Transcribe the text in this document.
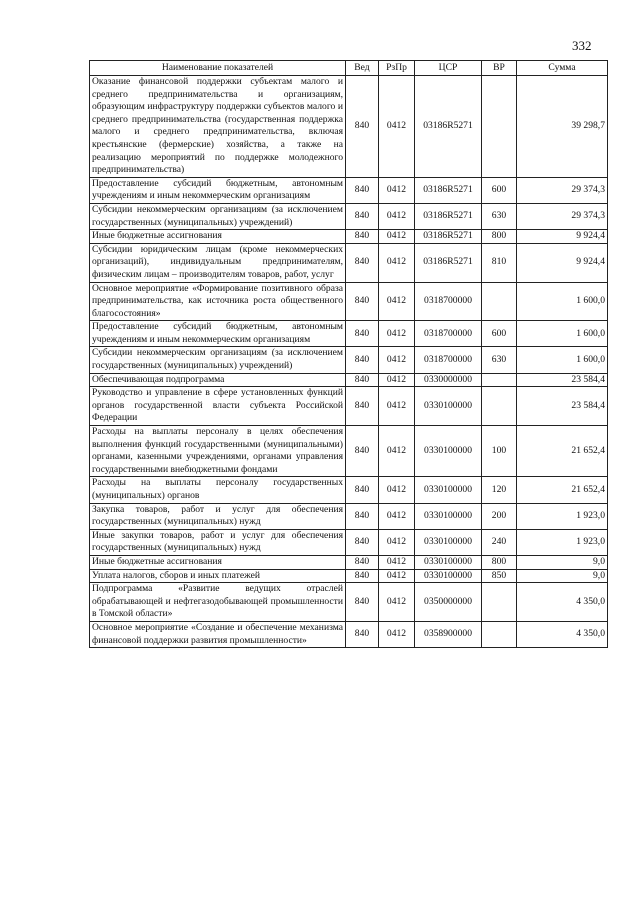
332
Наименование показателей	Вед	РзПр	ЦСР	ВР	Сумма
Оказание финансовой поддержки субъектам малого и среднего предпринимательства и организациям, образующим инфраструктуру поддержки субъектов малого и среднего предпринимательства (государственная поддержка малого и среднего предпринимательства, включая крестьянские (фермерские) хозяйства, а также на реализацию мероприятий по поддержке молодежного предпринимательства)	840	0412	03186R5271		39 298,7
Предоставление субсидий бюджетным, автономным учреждениям и иным некоммерческим организациям	840	0412	03186R5271	600	29 374,3
Субсидии некоммерческим организациям (за исключением государственных (муниципальных) учреждений)	840	0412	03186R5271	630	29 374,3
Иные бюджетные ассигнования	840	0412	03186R5271	800	9 924,4
Субсидии юридическим лицам (кроме некоммерческих организаций), индивидуальным предпринимателям, физическим лицам – производителям товаров, работ, услуг	840	0412	03186R5271	810	9 924,4
Основное мероприятие «Формирование позитивного образа предпринимательства, как источника роста общественного благосостояния»	840	0412	0318700000		1 600,0
Предоставление субсидий бюджетным, автономным учреждениям и иным некоммерческим организациям	840	0412	0318700000	600	1 600,0
Субсидии некоммерческим организациям (за исключением государственных (муниципальных) учреждений)	840	0412	0318700000	630	1 600,0
Обеспечивающая подпрограмма	840	0412	0330000000		23 584,4
Руководство и управление в сфере установленных функций органов государственной власти субъекта Российской Федерации	840	0412	0330100000		23 584,4
Расходы на выплаты персоналу в целях обеспечения выполнения функций государственными (муниципальными) органами, казенными учреждениями, органами управления государственными внебюджетными фондами	840	0412	0330100000	100	21 652,4
Расходы на выплаты персоналу государственных (муниципальных) органов	840	0412	0330100000	120	21 652,4
Закупка товаров, работ и услуг для обеспечения государственных (муниципальных) нужд	840	0412	0330100000	200	1 923,0
Иные закупки товаров, работ и услуг для обеспечения государственных (муниципальных) нужд	840	0412	0330100000	240	1 923,0
Иные бюджетные ассигнования	840	0412	0330100000	800	9,0
Уплата налогов, сборов и иных платежей	840	0412	0330100000	850	9,0
Подпрограмма «Развитие ведущих отраслей обрабатывающей и нефтегазодобывающей промышленности в Томской области»	840	0412	0350000000		4 350,0
Основное мероприятие «Создание и обеспечение механизма финансовой поддержки развития промышленности»	840	0412	0358900000		4 350,0
